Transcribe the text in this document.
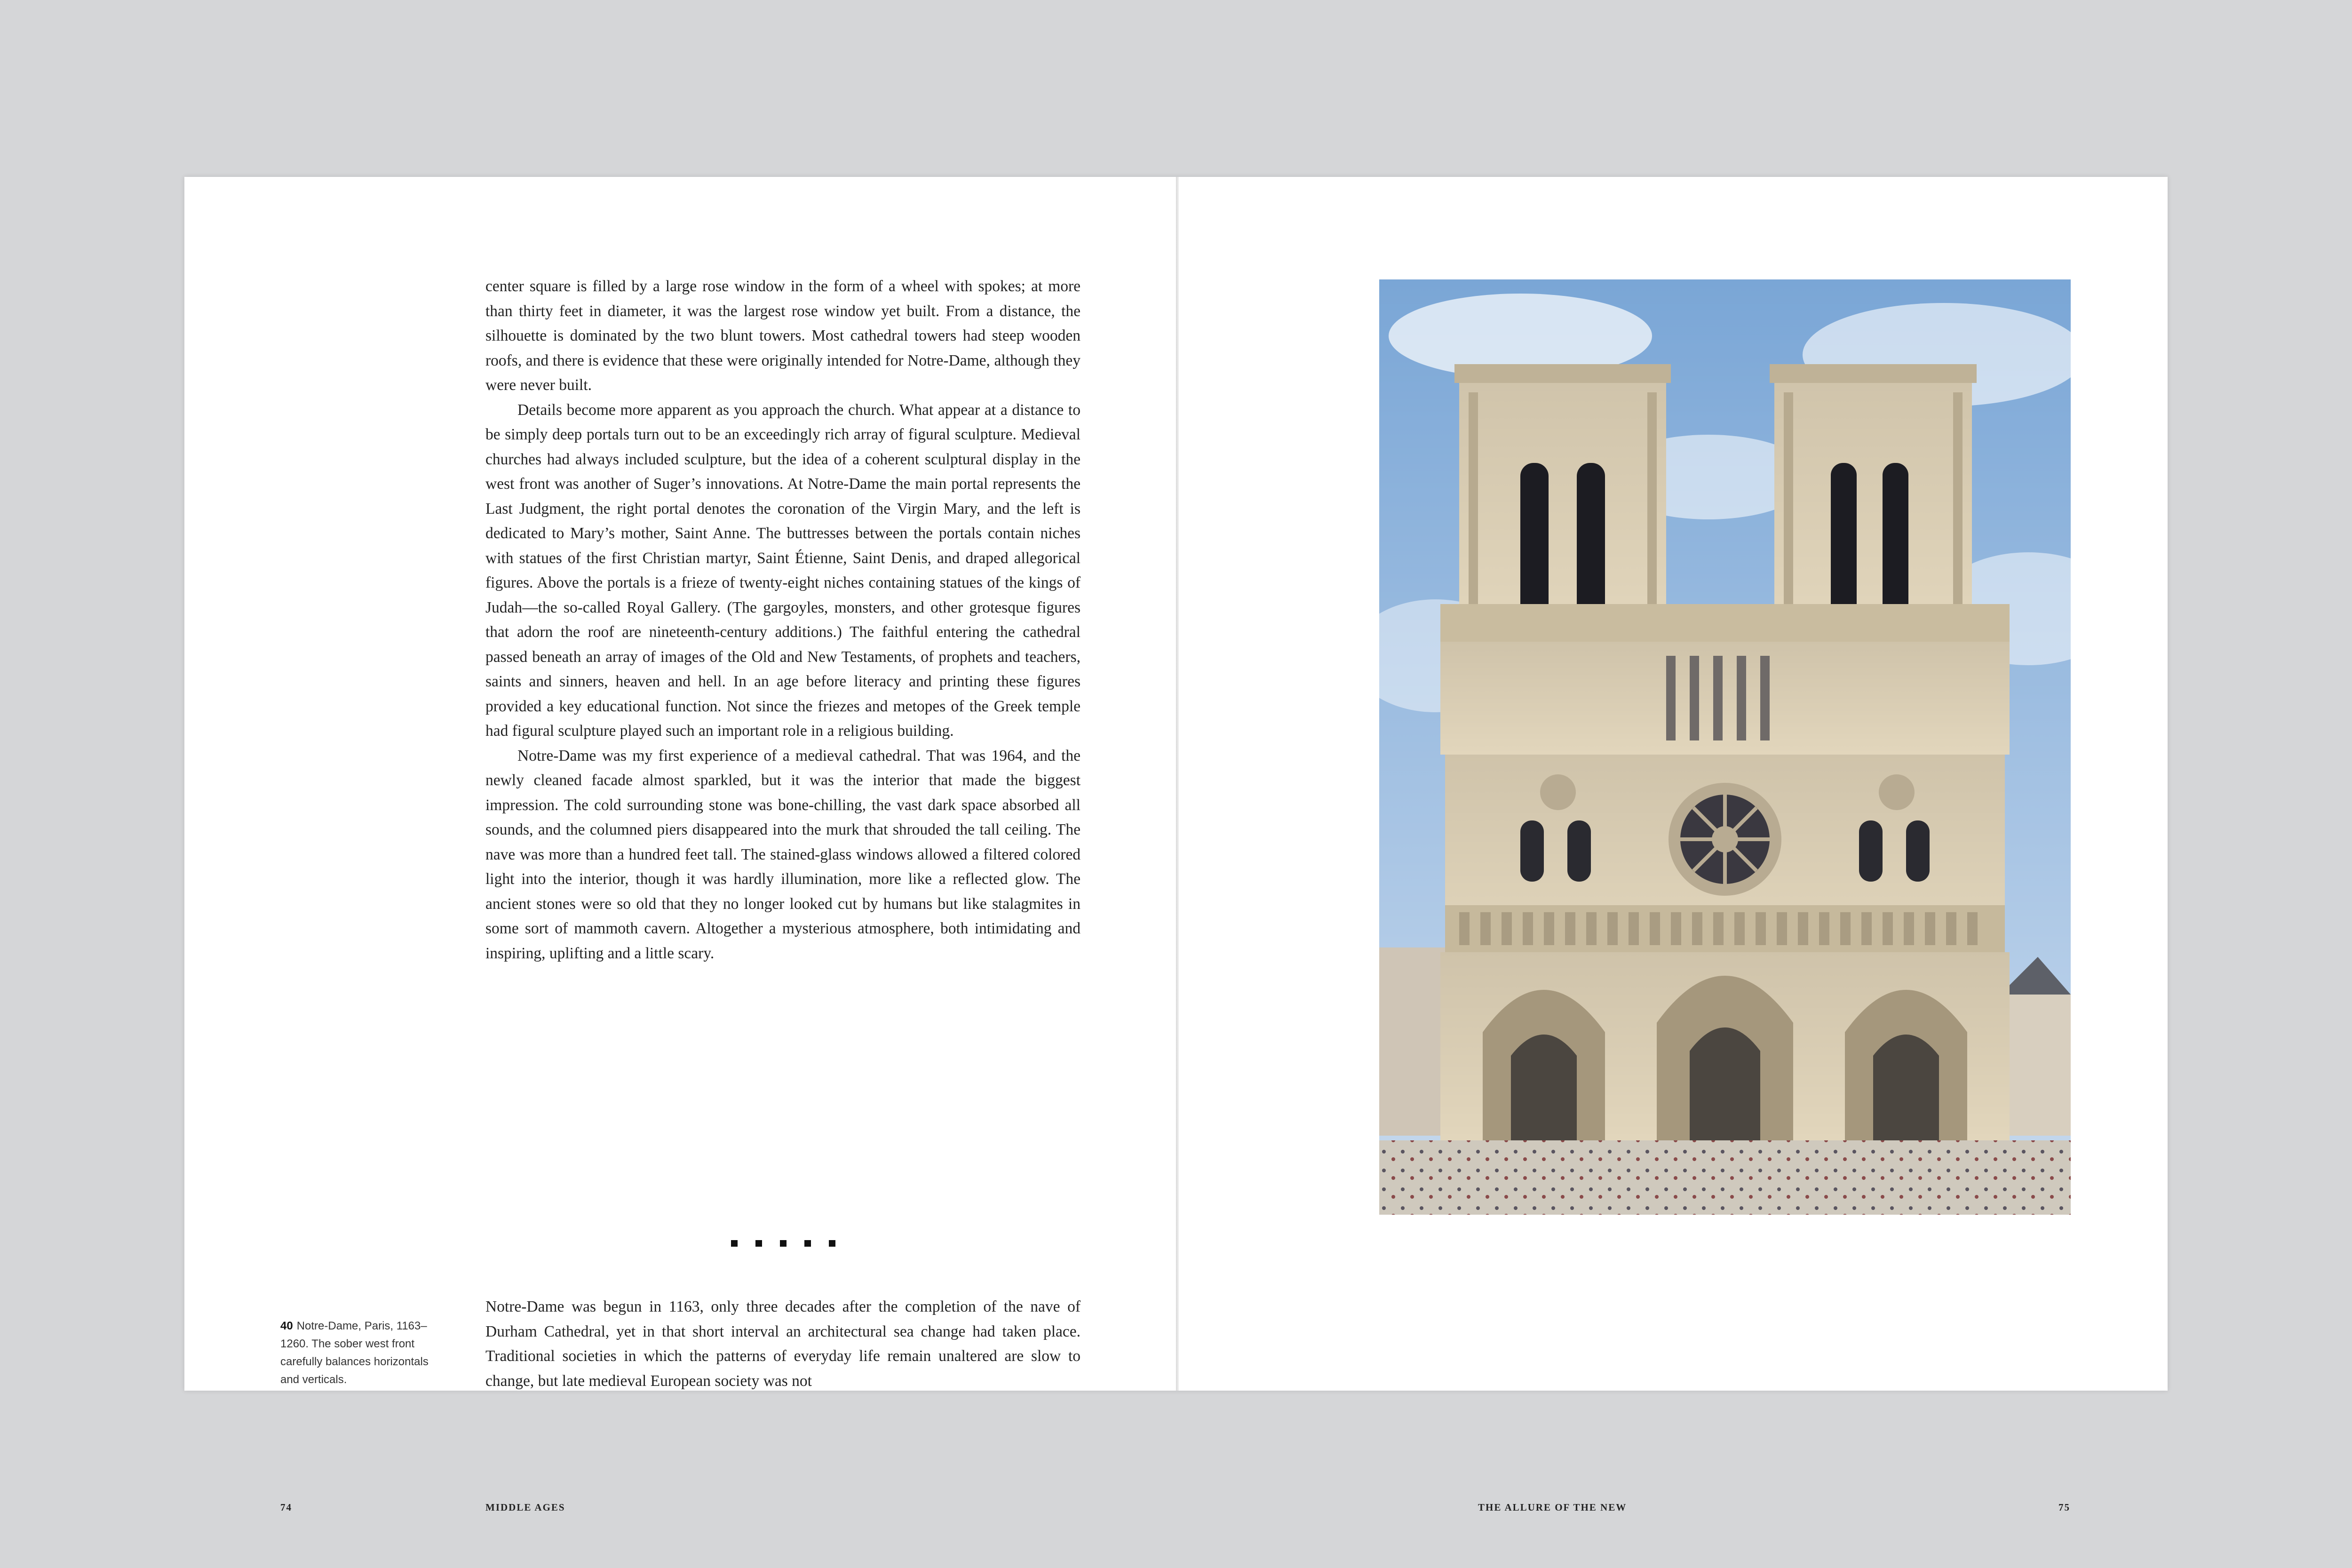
center square is filled by a large rose window in the form of a wheel with spokes; at more than thirty feet in diameter, it was the largest rose window yet built. From a distance, the silhouette is dominated by the two blunt towers. Most cathedral towers had steep wooden roofs, and there is evidence that these were originally intended for Notre-Dame, although they were never built.

Details become more apparent as you approach the church. What appear at a distance to be simply deep portals turn out to be an exceedingly rich array of figural sculpture. Medieval churches had always included sculpture, but the idea of a coherent sculptural display in the west front was another of Suger’s innovations. At Notre-Dame the main portal represents the Last Judgment, the right portal denotes the coronation of the Virgin Mary, and the left is dedicated to Mary’s mother, Saint Anne. The buttresses between the portals contain niches with statues of the first Christian martyr, Saint Étienne, Saint Denis, and draped allegorical figures. Above the portals is a frieze of twenty-eight niches containing statues of the kings of Judah—the so-called Royal Gallery. (The gargoyles, monsters, and other grotesque figures that adorn the roof are nineteenth-century additions.) The faithful entering the cathedral passed beneath an array of images of the Old and New Testaments, of prophets and teachers, saints and sinners, heaven and hell. In an age before literacy and printing these figures provided a key educational function. Not since the friezes and metopes of the Greek temple had figural sculpture played such an important role in a religious building.

Notre-Dame was my first experience of a medieval cathedral. That was 1964, and the newly cleaned facade almost sparkled, but it was the interior that made the biggest impression. The cold surrounding stone was bone-chilling, the vast dark space absorbed all sounds, and the columned piers disappeared into the murk that shrouded the tall ceiling. The nave was more than a hundred feet tall. The stained-glass windows allowed a filtered colored light into the interior, though it was hardly illumination, more like a reflected glow. The ancient stones were so old that they no longer looked cut by humans but like stalagmites in some sort of mammoth cavern. Altogether a mysterious atmosphere, both intimidating and inspiring, uplifting and a little scary.

Notre-Dame was begun in 1163, only three decades after the completion of the nave of Durham Cathedral, yet in that short interval an architectural sea change had taken place. Traditional societies in which the patterns of everyday life remain unaltered are slow to change, but late medieval European society was not

40 Notre-Dame, Paris, 1163–1260. The sober west front carefully balances horizontals and verticals.
74	MIDDLE AGES	THE ALLURE OF THE NEW	75
